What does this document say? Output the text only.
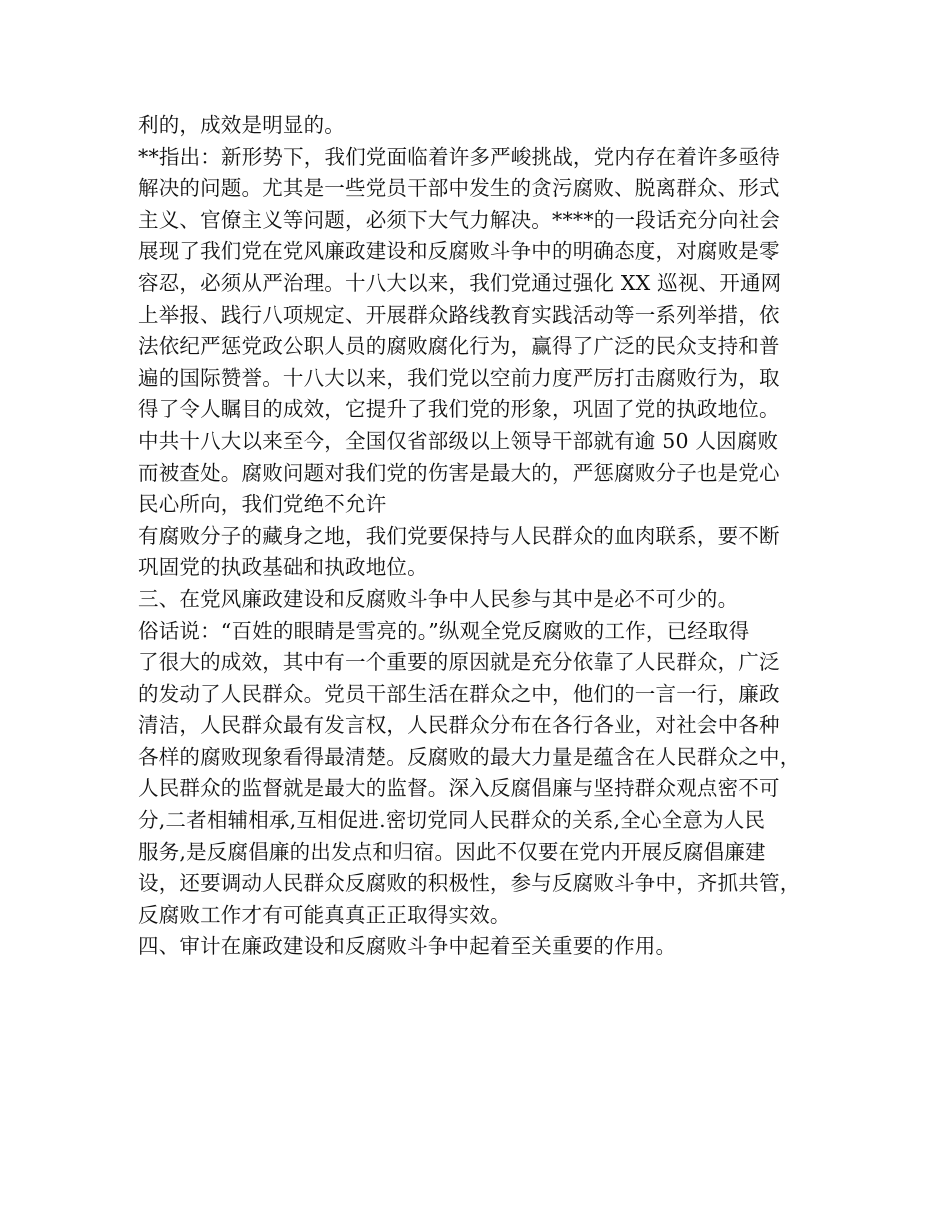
利的，成效是明显的。
**指出：新形势下，我们党面临着许多严峻挑战，党内存在着许多亟待
解决的问题。尤其是一些党员干部中发生的贪污腐败、脱离群众、形式
主义、官僚主义等问题，必须下大气力解决。****的一段话充分向社会
展现了我们党在党风廉政建设和反腐败斗争中的明确态度，对腐败是零
容忍，必须从严治理。十八大以来，我们党通过强化 XX 巡视、开通网
上举报、践行八项规定、开展群众路线教育实践活动等一系列举措，依
法依纪严惩党政公职人员的腐败腐化行为，赢得了广泛的民众支持和普
遍的国际赞誉。十八大以来，我们党以空前力度严厉打击腐败行为，取
得了令人瞩目的成效，它提升了我们党的形象，巩固了党的执政地位。
中共十八大以来至今，全国仅省部级以上领导干部就有逾 50 人因腐败
而被查处。腐败问题对我们党的伤害是最大的，严惩腐败分子也是党心
民心所向，我们党绝不允许
有腐败分子的藏身之地，我们党要保持与人民群众的血肉联系，要不断
巩固党的执政基础和执政地位。
三、在党风廉政建设和反腐败斗争中人民参与其中是必不可少的。
俗话说：“百姓的眼睛是雪亮的。”纵观全党反腐败的工作，已经取得
了很大的成效，其中有一个重要的原因就是充分依靠了人民群众，广泛
的发动了人民群众。党员干部生活在群众之中，他们的一言一行，廉政
清洁，人民群众最有发言权，人民群众分布在各行各业，对社会中各种
各样的腐败现象看得最清楚。反腐败的最大力量是蕴含在人民群众之中，
人民群众的监督就是最大的监督。深入反腐倡廉与坚持群众观点密不可
分,二者相辅相承,互相促进.密切党同人民群众的关系,全心全意为人民
服务,是反腐倡廉的出发点和归宿。因此不仅要在党内开展反腐倡廉建
设，还要调动人民群众反腐败的积极性，参与反腐败斗争中，齐抓共管，
反腐败工作才有可能真真正正取得实效。
四、审计在廉政建设和反腐败斗争中起着至关重要的作用。
